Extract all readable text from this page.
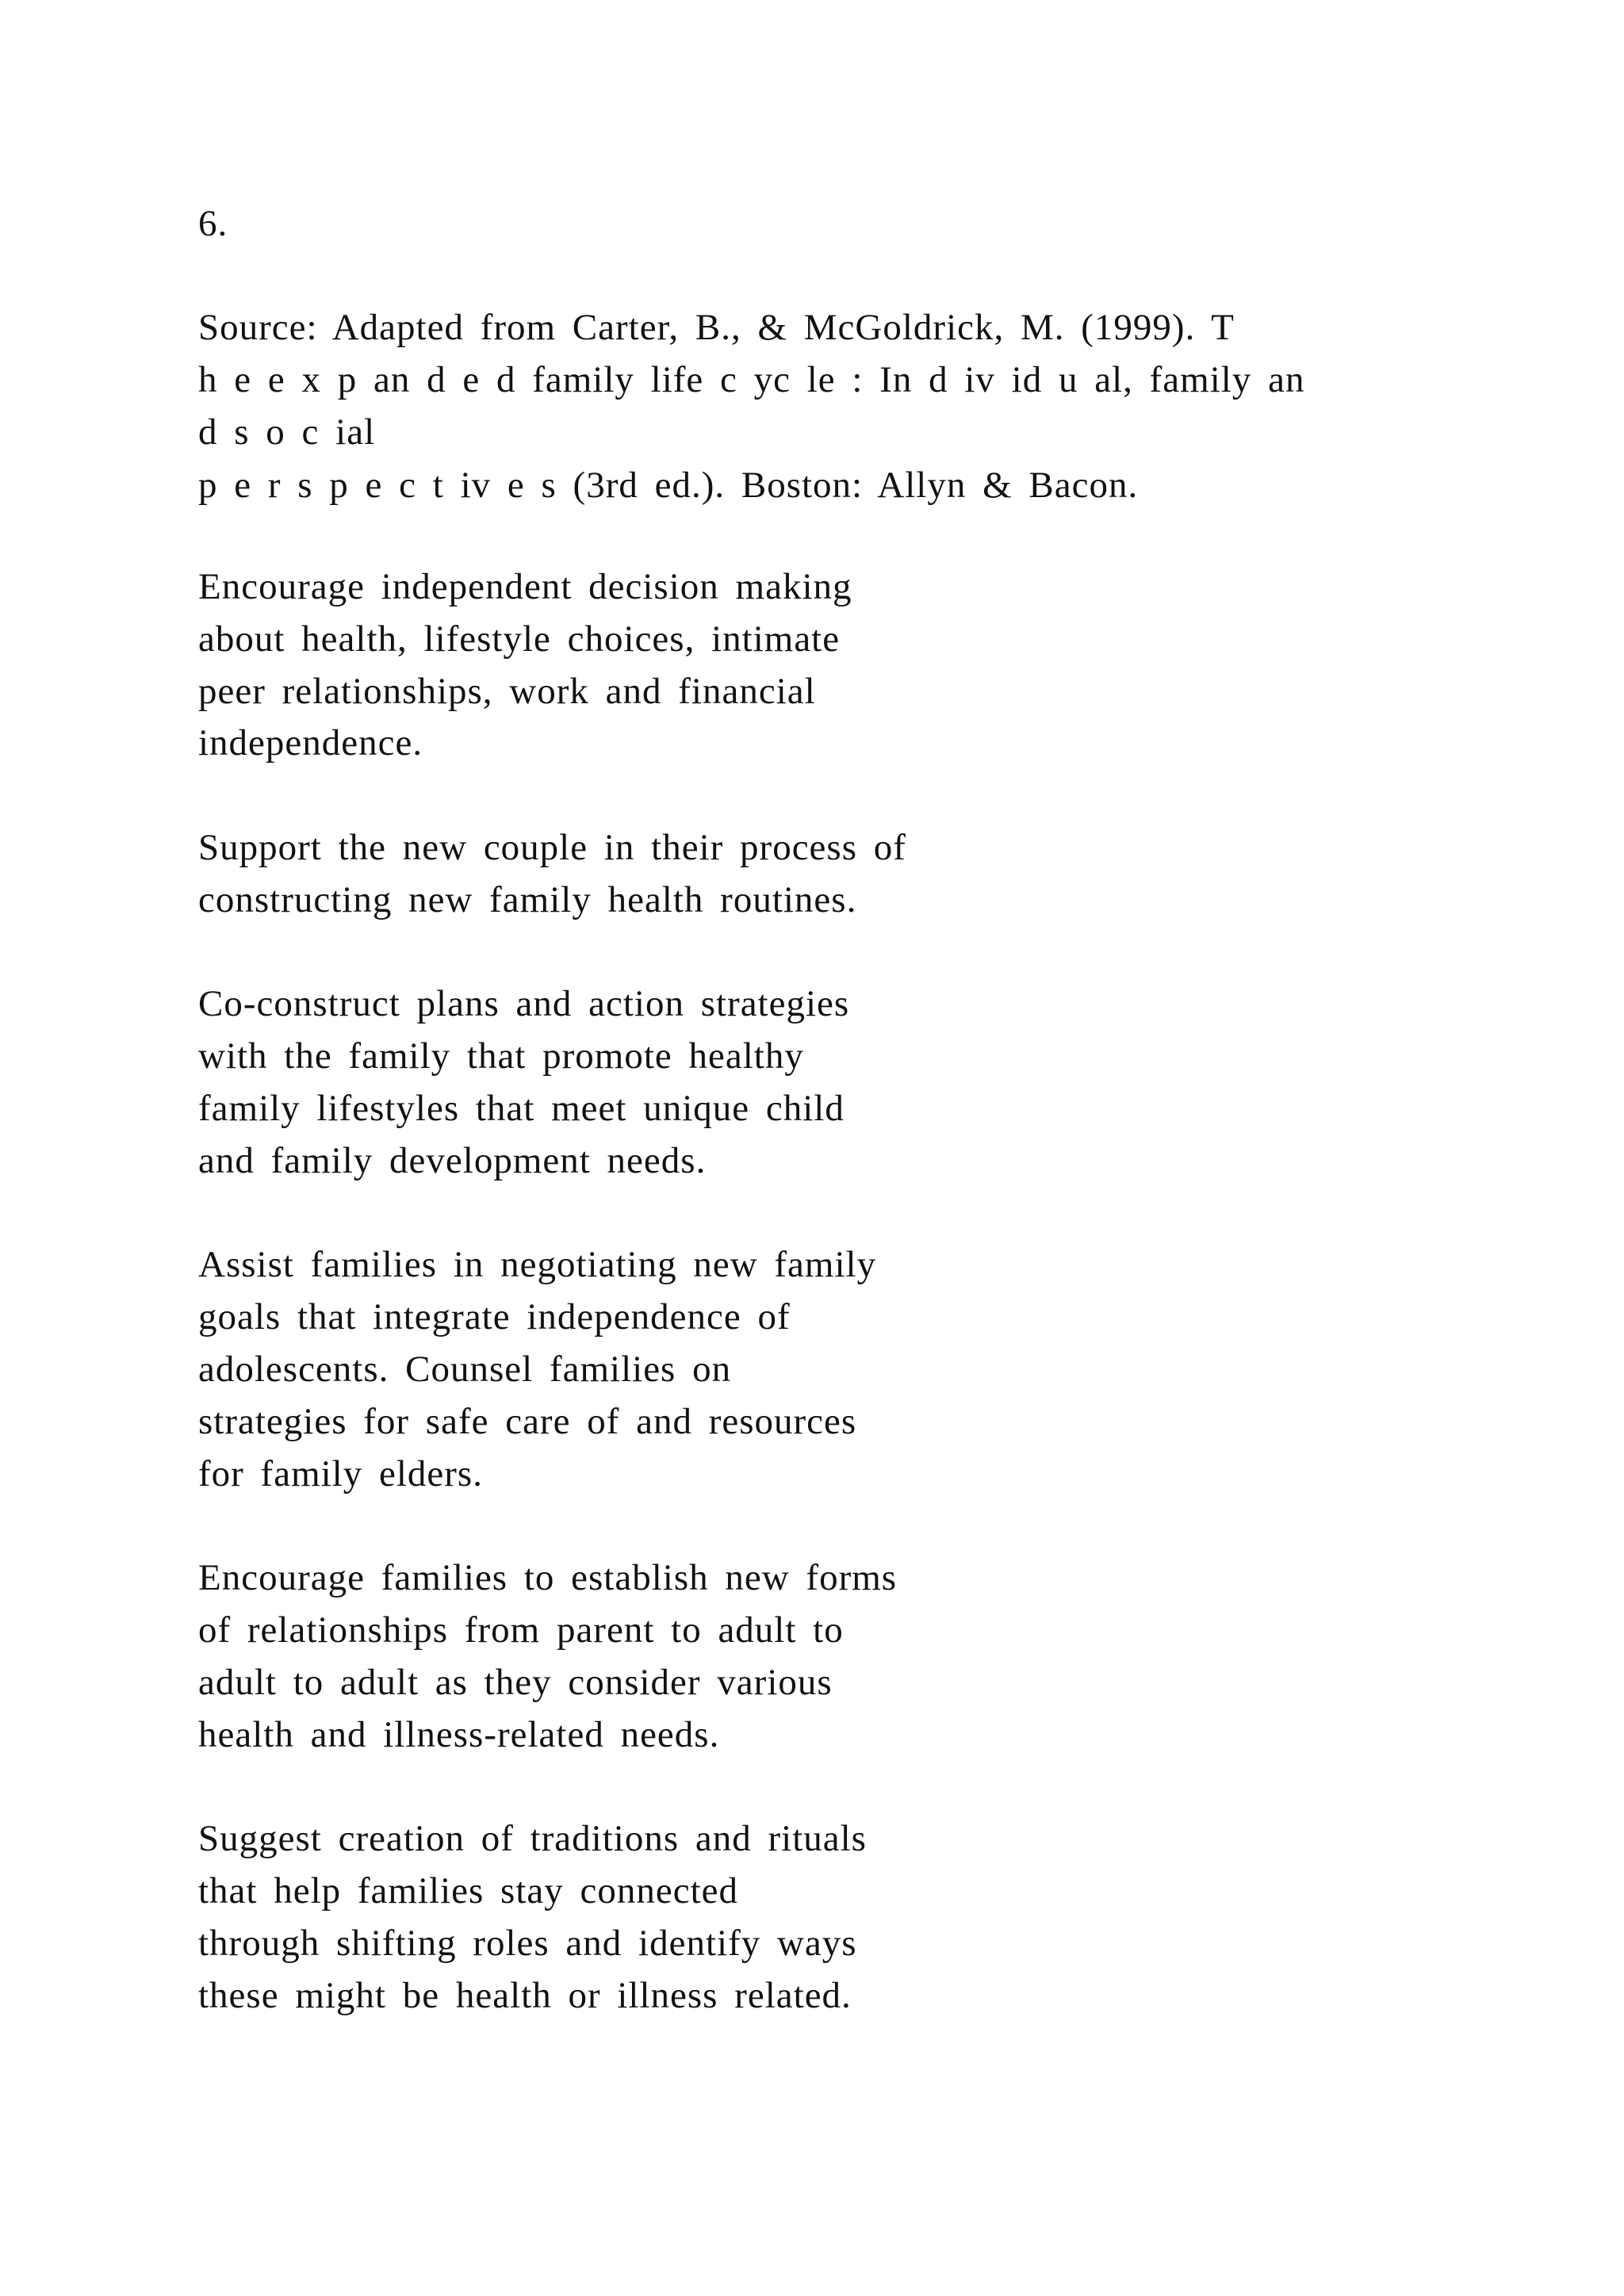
6.

Source: Adapted from Carter, B., & McGoldrick, M. (1999). T

h e e x p an d e d family life c yc le : In d iv id u al, family an

d s o c ial

p e r s p e c t iv e s (3rd ed.). Boston: Allyn & Bacon.

Encourage independent decision making

about health, lifestyle choices, intimate

peer relationships, work and financial

independence.

Support the new couple in their process of

constructing new family health routines.

Co-construct plans and action strategies

with the family that promote healthy

family lifestyles that meet unique child

and family development needs.

Assist families in negotiating new family

goals that integrate independence of

adolescents. Counsel families on

strategies for safe care of and resources

for family elders.

Encourage families to establish new forms

of relationships from parent to adult to

adult to adult as they consider various

health and illness-related needs.

Suggest creation of traditions and rituals

that help families stay connected

through shifting roles and identify ways

these might be health or illness related.
